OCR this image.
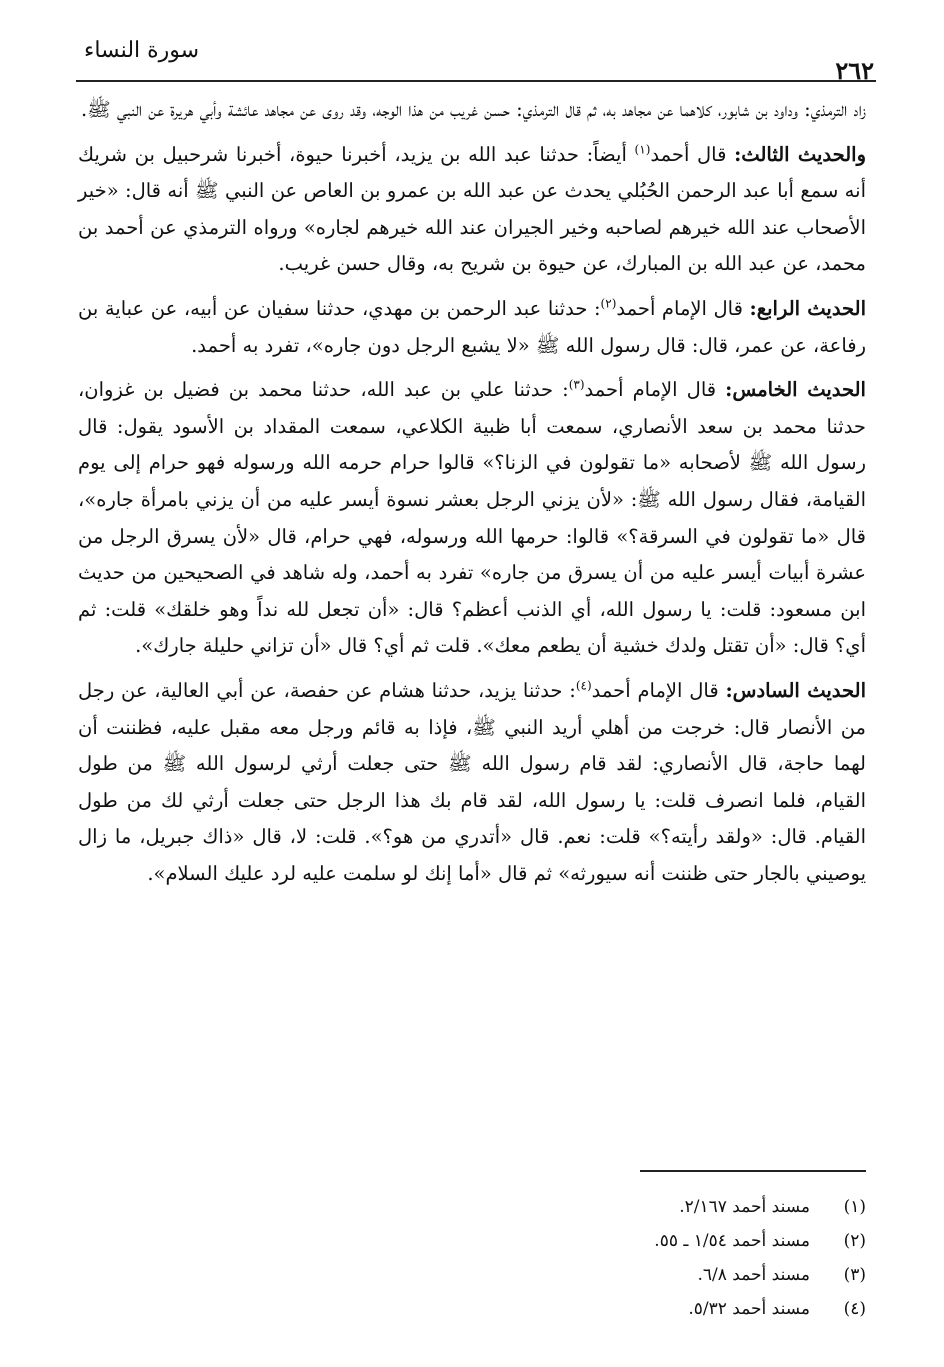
سورة النساء
٢٦٢

زاد الترمذي: وداود بن شابور، كلاهما عن مجاهد به، ثم قال الترمذي: حسن غريب من هذا الوجه، وقد روى عن مجاهد عائشة وأبي هريرة عن النبي ﷺ.

والحديث الثالث: قال أحمد$^{(١)}$ أيضاً: حدثنا عبد الله بن يزيد، أخبرنا حيوة، أخبرنا شرحبيل بن شريك أنه سمع أبا عبد الرحمن الحُبُلي يحدث عن عبد الله بن عمرو بن العاص عن النبي ﷺ أنه قال: «خير الأصحاب عند الله خيرهم لصاحبه وخير الجيران عند الله خيرهم لجاره» ورواه الترمذي عن أحمد بن محمد، عن عبد الله بن المبارك، عن حيوة بن شريح به، وقال حسن غريب.

الحديث الرابع: قال الإمام أحمد$^{(٢)}$: حدثنا عبد الرحمن بن مهدي، حدثنا سفيان عن أبيه، عن عباية بن رفاعة، عن عمر، قال: قال رسول الله ﷺ «لا يشبع الرجل دون جاره»، تفرد به أحمد.

الحديث الخامس: قال الإمام أحمد$^{(٣)}$: حدثنا علي بن عبد الله، حدثنا محمد بن فضيل بن غزوان، حدثنا محمد بن سعد الأنصاري، سمعت أبا ظبية الكلاعي، سمعت المقداد بن الأسود يقول: قال رسول الله ﷺ لأصحابه «ما تقولون في الزنا؟» قالوا حرام حرمه الله ورسوله فهو حرام إلى يوم القيامة، فقال رسول الله ﷺ: «لأن يزني الرجل بعشر نسوة أيسر عليه من أن يزني بامرأة جاره»، قال «ما تقولون في السرقة؟» قالوا: حرمها الله ورسوله، فهي حرام، قال «لأن يسرق الرجل من عشرة أبيات أيسر عليه من أن يسرق من جاره» تفرد به أحمد، وله شاهد في الصحيحين من حديث ابن مسعود: قلت: يا رسول الله، أي الذنب أعظم؟ قال: «أن تجعل لله نداً وهو خلقك» قلت: ثم أي؟ قال: «أن تقتل ولدك خشية أن يطعم معك». قلت ثم أي؟ قال «أن تزاني حليلة جارك».

الحديث السادس: قال الإمام أحمد$^{(٤)}$: حدثنا يزيد، حدثنا هشام عن حفصة، عن أبي العالية، عن رجل من الأنصار قال: خرجت من أهلي أريد النبي ﷺ، فإذا به قائم ورجل معه مقبل عليه، فظننت أن لهما حاجة، قال الأنصاري: لقد قام رسول الله ﷺ حتى جعلت أرثي لرسول الله ﷺ من طول القيام، فلما انصرف قلت: يا رسول الله، لقد قام بك هذا الرجل حتى جعلت أرثي لك من طول القيام. قال: «ولقد رأيته؟» قلت: نعم. قال «أتدري من هو؟». قلت: لا، قال «ذاك جبريل، ما زال يوصيني بالجار حتى ظننت أنه سيورثه» ثم قال «أما إنك لو سلمت عليه لرد عليك السلام».

(١)مسند أحمد ٢/١٦٧.
(٢)مسند أحمد ١/٥٤ ـ ٥٥.
(٣)مسند أحمد ٦/٨.
(٤)مسند أحمد ٥/٣٢.
